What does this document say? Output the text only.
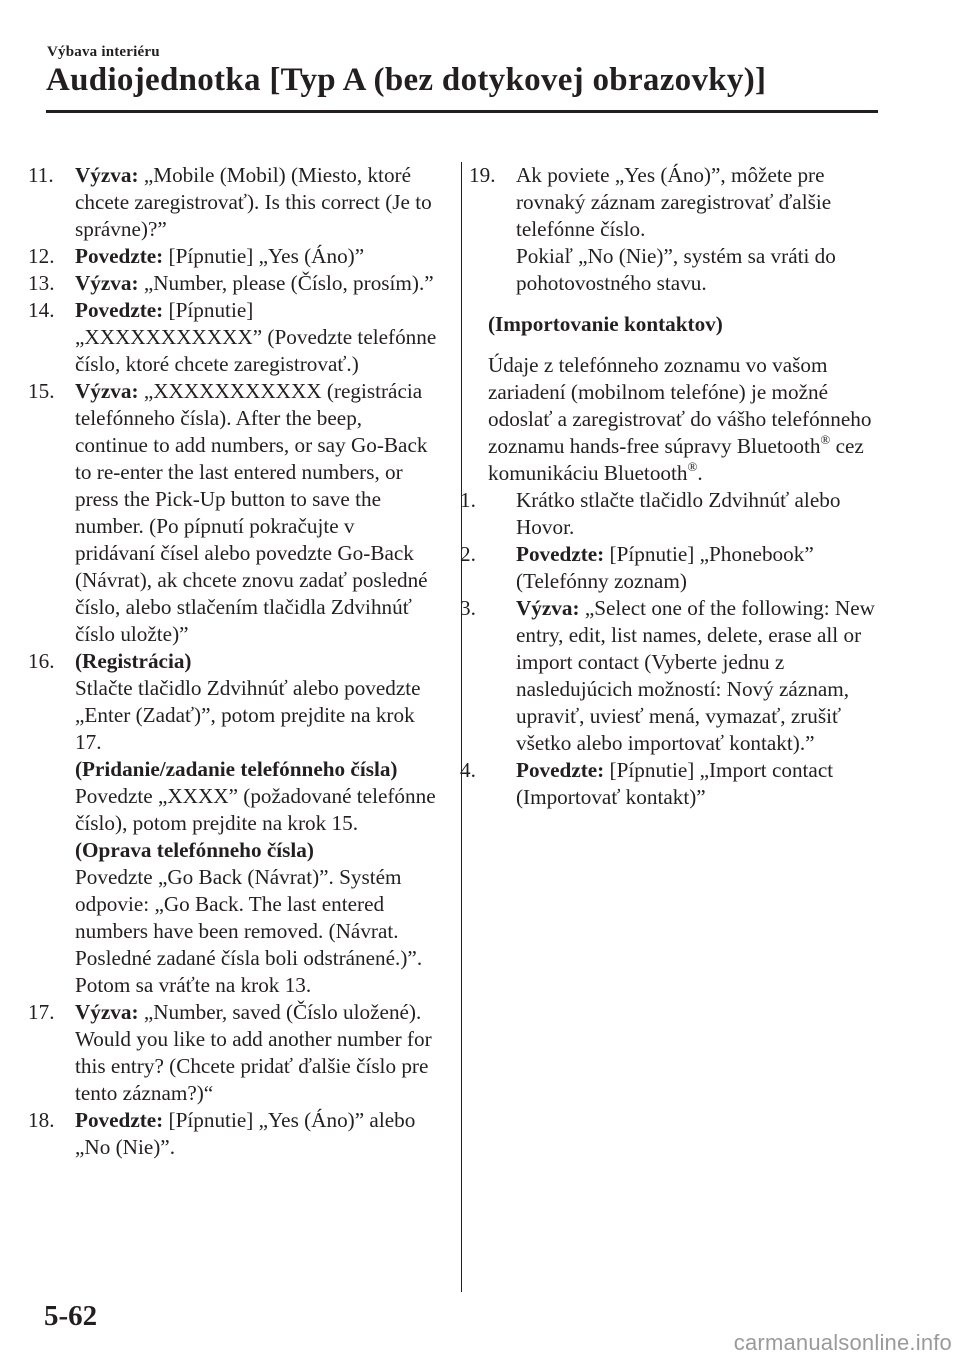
Výbava interiéru
Audiojednotka [Typ A (bez dotykovej obrazovky)]
11. Výzva: „Mobile (Mobil) (Miesto, ktoré chcete zaregistrovať). Is this correct (Je to správne)?”
12. Povedzte: [Pípnutie] „Yes (Áno)”
13. Výzva: „Number, please (Číslo, prosím).”
14. Povedzte: [Pípnutie] „XXXXXXXXXXX” (Povedzte telefónne číslo, ktoré chcete zaregistrovať.)
15. Výzva: „XXXXXXXXXXX (registrácia telefónneho čísla). After the beep, continue to add numbers, or say Go-Back to re-enter the last entered numbers, or press the Pick-Up button to save the number. (Po pípnutí pokračujte v pridávaní čísel alebo povedzte Go-Back (Návrat), ak chcete znovu zadať posledné číslo, alebo stlačením tlačidla Zdvihnúť číslo uložte)”
16. (Registrácia)
Stlačte tlačidlo Zdvihnúť alebo povedzte „Enter (Zadať)”, potom prejdite na krok 17.
(Pridanie/zadanie telefónneho čísla)
Povedzte „XXXX” (požadované telefónne číslo), potom prejdite na krok 15.
(Oprava telefónneho čísla)
Povedzte „Go Back (Návrat)”. Systém odpovie: „Go Back. The last entered numbers have been removed. (Návrat. Posledné zadané čísla boli odstránené.)”. Potom sa vráťte na krok 13.
17. Výzva: „Number, saved (Číslo uložené). Would you like to add another number for this entry? (Chcete pridať ďalšie číslo pre tento záznam?)“
18. Povedzte: [Pípnutie] „Yes (Áno)” alebo „No (Nie)”.
19. Ak poviete „Yes (Áno)”, môžete pre rovnaký záznam zaregistrovať ďalšie telefónne číslo.
Pokiaľ „No (Nie)”, systém sa vráti do pohotovostného stavu.

(Importovanie kontaktov)

Údaje z telefónneho zoznamu vo vašom zariadení (mobilnom telefóne) je možné odoslať a zaregistrovať do vášho telefónneho zoznamu hands-free súpravy Bluetooth® cez komunikáciu Bluetooth®.

1. Krátko stlačte tlačidlo Zdvihnúť alebo Hovor.
2. Povedzte: [Pípnutie] „Phonebook” (Telefónny zoznam)
3. Výzva: „Select one of the following: New entry, edit, list names, delete, erase all or import contact (Vyberte jednu z nasledujúcich možností: Nový záznam, upraviť, uviesť mená, vymazať, zrušiť všetko alebo importovať kontakt).”
4. Povedzte: [Pípnutie] „Import contact (Importovať kontakt)”
5-62
carmanualsonline.info
